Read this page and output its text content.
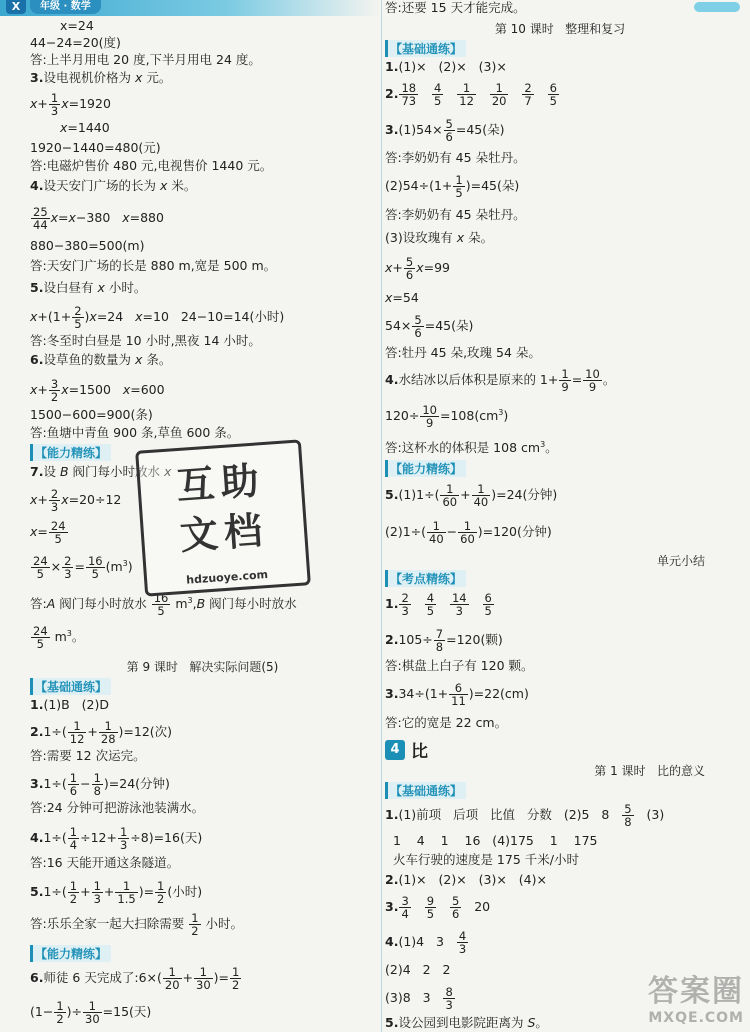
X	年级 · 数学
x=24
44−24=20(度)
答:上半月用电 20 度,下半月用电 24 度。
3.设电视机价格为 x 元。
$x+ \frac{1}{3} x=1920$
x=1440
1920−1440=480(元)
答:电磁炉售价 480 元,电视售价 1440 元。
4.设天安门广场的长为 x 米。
$\frac{25}{44} x=x-380$   x=880
880−380=500(m)
答:天安门广场的长是 880 m,宽是 500 m。
5.设白昼有 x 小时。
$x+(1+ \frac{2}{5} )x=24$   x=10   24−10=14(小时)
答:冬至时白昼是 10 小时,黑夜 14 小时。
6.设草鱼的数量为 x 条。
$x+ \frac{3}{2} x=1500$   x=600
1500−600=900(条)
答:鱼塘中青鱼 900 条,草鱼 600 条。
【能力精练】
7.设 B 阀门每小时放水 x
$x+ \frac{2}{3} x=20\div 12$
$x= \frac{24}{5}$
$\frac{24}{5} \times \frac{2}{3} = \frac{16}{5} (m^3)$
答:A 阀门每小时放水 $\frac{16}{5} m^3,B$ 阀门每小时放水
$\frac{24}{5} m^3$。
第 9 课时   解决实际问题(5)
【基础通练】
1.(1)B   (2)D
$2.1\div( \frac{1}{12} + \frac{1}{28} )=12$(次)
答:需要 12 次运完。
$3.1\div( \frac{1}{6} - \frac{1}{8} )=24$(分钟)
答:24 分钟可把游泳池装满水。
$4.1\div( \frac{1}{4} \div 12+ \frac{1}{3} \div 8)=16$(天)
答:16 天能开通这条隧道。
$5.1\div( \frac{1}{2} + \frac{1}{3} + \frac{1}{1.5}$ )= $\frac{1}{2}$ (小时)
答:乐乐全家一起大扫除需要 $\frac{1}{2}$ 小时。
【能力精练】
6.师徒 6 天完成了:6×( $\frac{1}{20} + \frac{1}{30}$ )= $\frac{1}{2}$
($1- \frac{1}{2}$ )÷ $\frac{1}{30} =15$(天)
答:还要 15 天才能完成。
第 10 课时   整理和复习
【基础通练】
1.(1)×   (2)×   (3)×
2. $\frac{18}{73}$
$\frac{4}{5}$
$\frac{1}{12}$
$\frac{1}{20}$
$\frac{2}{7}$
$\frac{6}{5}$
$3.(1)54\times \frac{5}{6} =45$(朵)
答:李奶奶有 45 朵牡丹。
$(2)54\div(1+ \frac{1}{5} )=45$(朵)
答:李奶奶有 45 朵牡丹。
(3)设玫瑰有 x 朵。
$x+ \frac{5}{6} x=99$
x=54
$54\times \frac{5}{6} =45$(朵)
答:牡丹 45 朵,玫瑰 54 朵。
4.水结冰以后体积是原来的 $1+ \frac{1}{9} = \frac{10}{9}$ 。
$120\div \frac{10}{9} =108(cm^3)$
答:这杯水的体积是 108 $cm^3$。
【能力精练】
$5.(1)1\div( \frac{1}{60} + \frac{1}{40} )=24$(分钟)
$(2)1\div( \frac{1}{40} - \frac{1}{60} )=120$(分钟)
单元小结
【考点精练】
1. $\frac{2}{3}$
$\frac{4}{5}$
$\frac{14}{3}$
$\frac{6}{5}$
$2.105\div \frac{7}{8} =120$(颗)
答:棋盘上白子有 120 颗。
$3.34\div(1+ \frac{6}{11} )=22(cm)$
答:它的宽是 22 cm。
4 比
第 1 课时   比的意义
【基础通练】
1.(1)前项   后项   比值   分数   (2)5   $8 \frac{5}{8} (3)$
1    4    1    16   (4)175    1    175
火车行驶的速度是 175 千米/小时
2.(1)×   (2)×   (3)×   (4)×
3. $\frac{3}{4}$
$\frac{9}{5}$
$\frac{5}{6} 20$
4.(1)4   $3 \frac{4}{3}$
(2)4   2   2
(3)8   $3 \frac{8}{3}$
5.设公园到电影院距离为 S。
互助
文档
hdzuoye.com
答案圈
MXQE.COM
